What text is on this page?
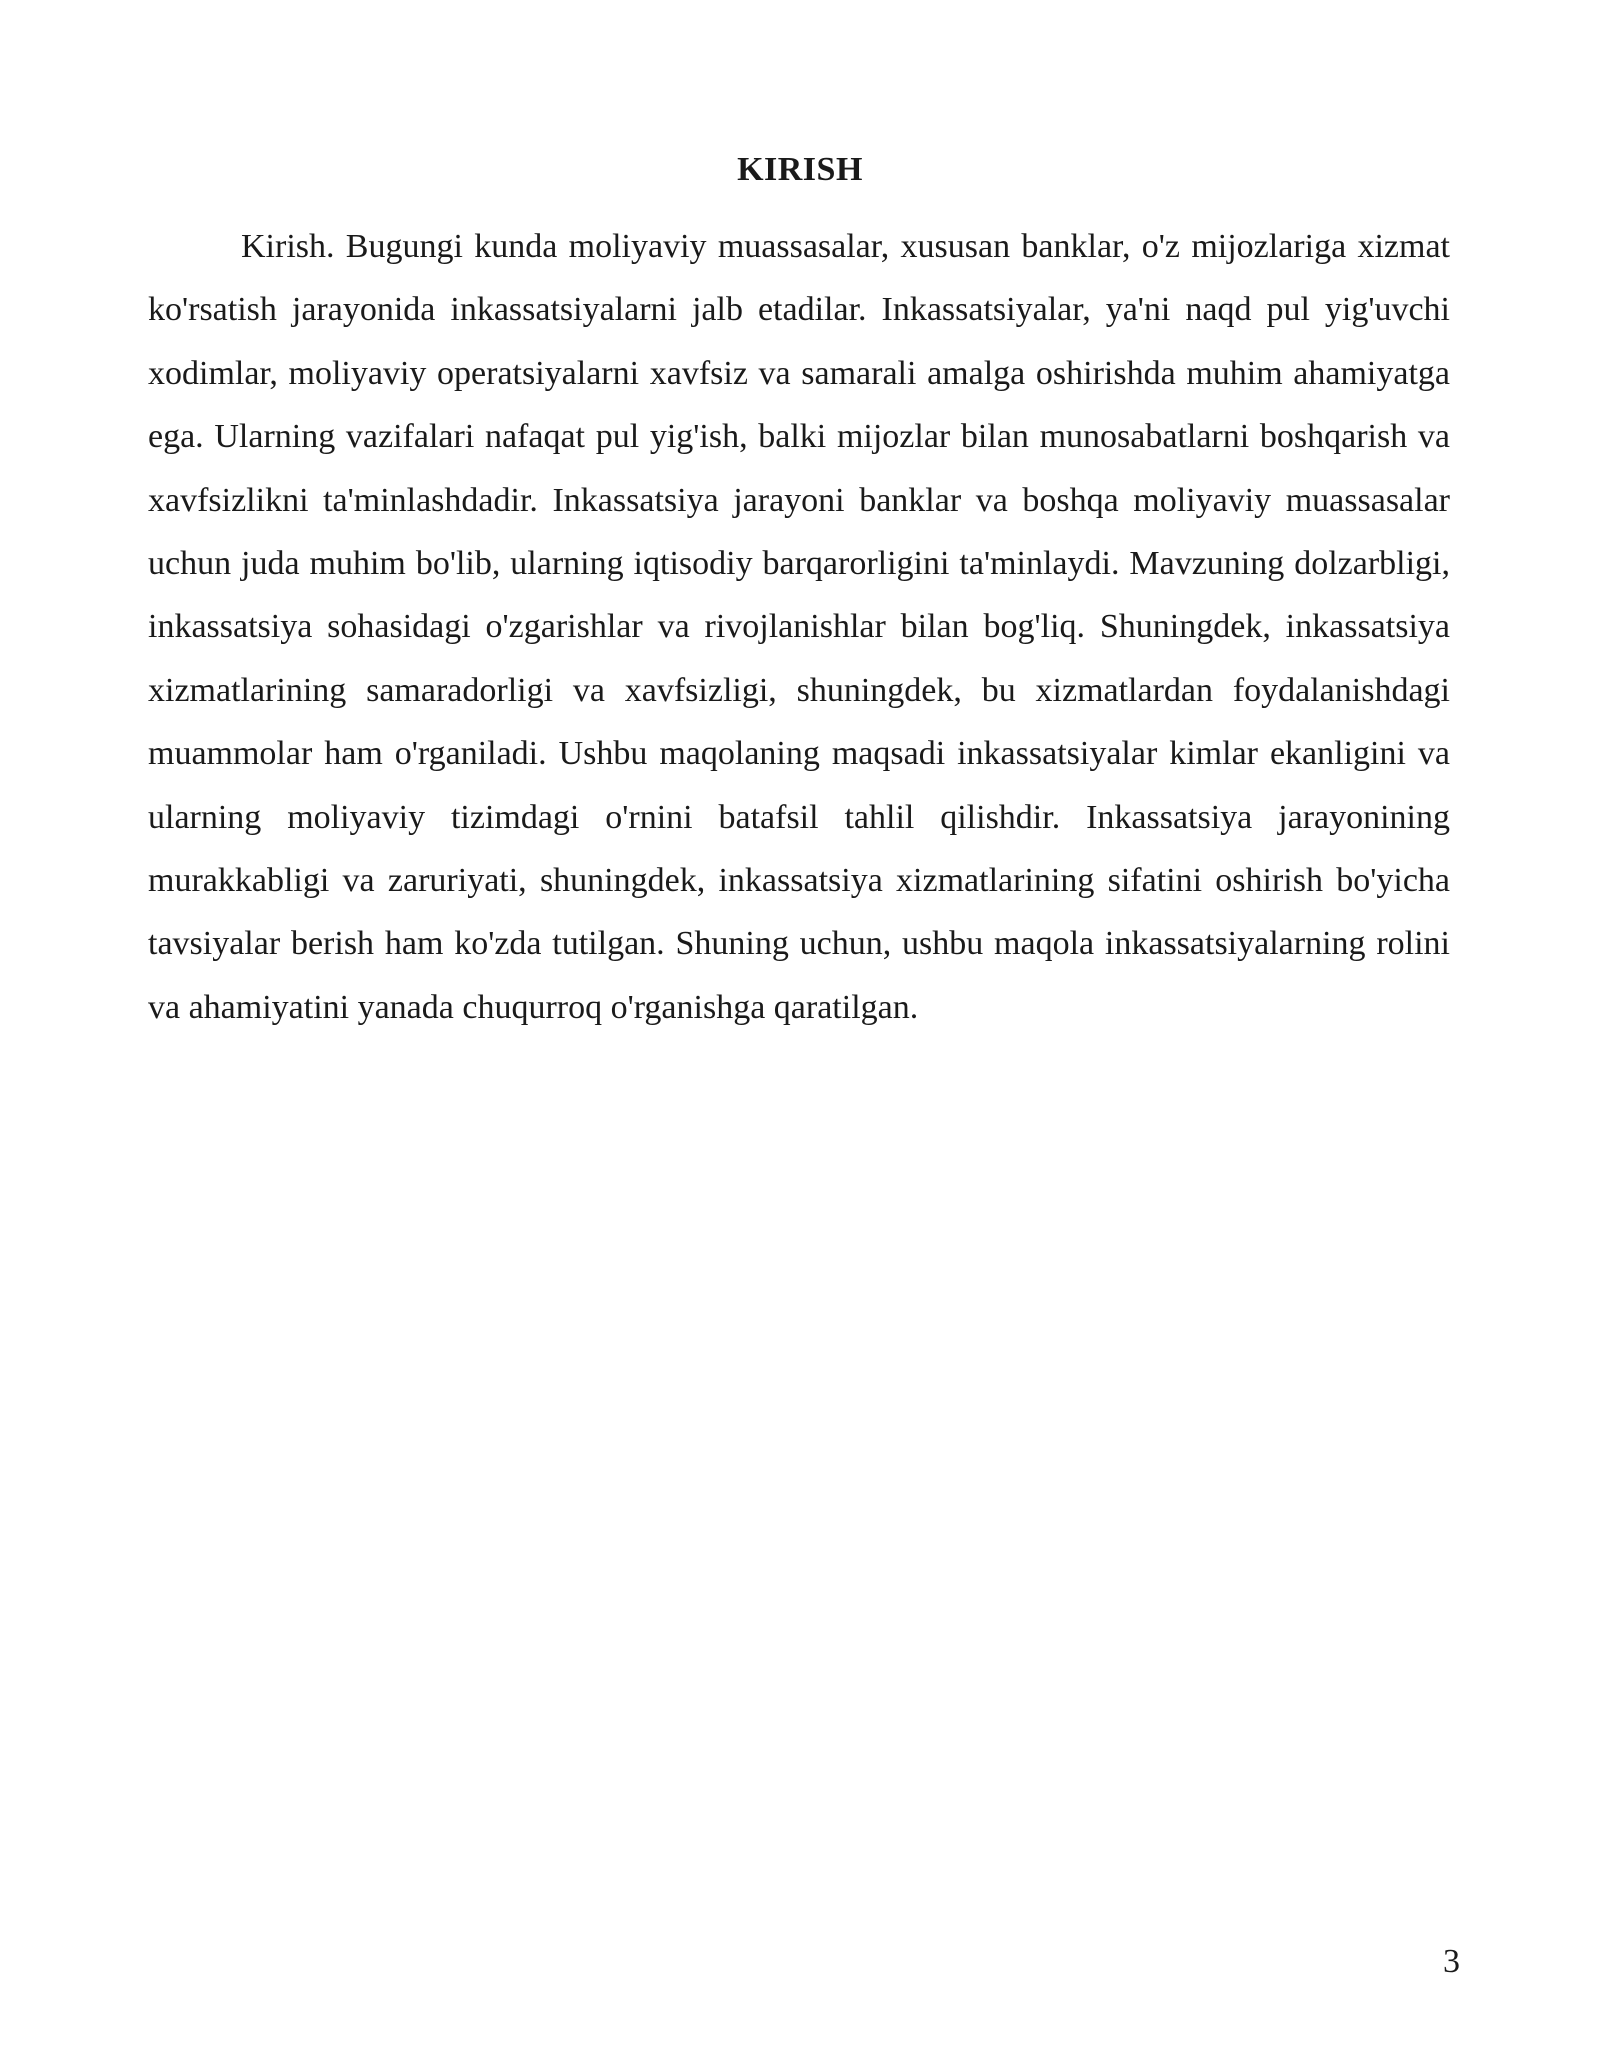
KIRISH

Kirish. Bugungi kunda moliyaviy muassasalar, xususan banklar, o'z mijozlariga xizmat ko'rsatish jarayonida inkassatsiyalarni jalb etadilar. Inkassatsiyalar, ya'ni naqd pul yig'uvchi xodimlar, moliyaviy operatsiyalarni xavfsiz va samarali amalga oshirishda muhim ahamiyatga ega. Ularning vazifalari nafaqat pul yig'ish, balki mijozlar bilan munosabatlarni boshqarish va xavfsizlikni ta'minlashdadir. Inkassatsiya jarayoni banklar va boshqa moliyaviy muassasalar uchun juda muhim bo'lib, ularning iqtisodiy barqarorligini ta'minlaydi. Mavzuning dolzarbligi, inkassatsiya sohasidagi o'zgarishlar va rivojlanishlar bilan bog'liq. Shuningdek, inkassatsiya xizmatlarining samaradorligi va xavfsizligi, shuningdek, bu xizmatlardan foydalanishdagi muammolar ham o'rganiladi. Ushbu maqolaning maqsadi inkassatsiyalar kimlar ekanligini va ularning moliyaviy tizimdagi o'rnini batafsil tahlil qilishdir. Inkassatsiya jarayonining murakkabligi va zaruriyati, shuningdek, inkassatsiya xizmatlarining sifatini oshirish bo'yicha tavsiyalar berish ham ko'zda tutilgan. Shuning uchun, ushbu maqola inkassatsiyalarning rolini va ahamiyatini yanada chuqurroq o'rganishga qaratilgan.

3
